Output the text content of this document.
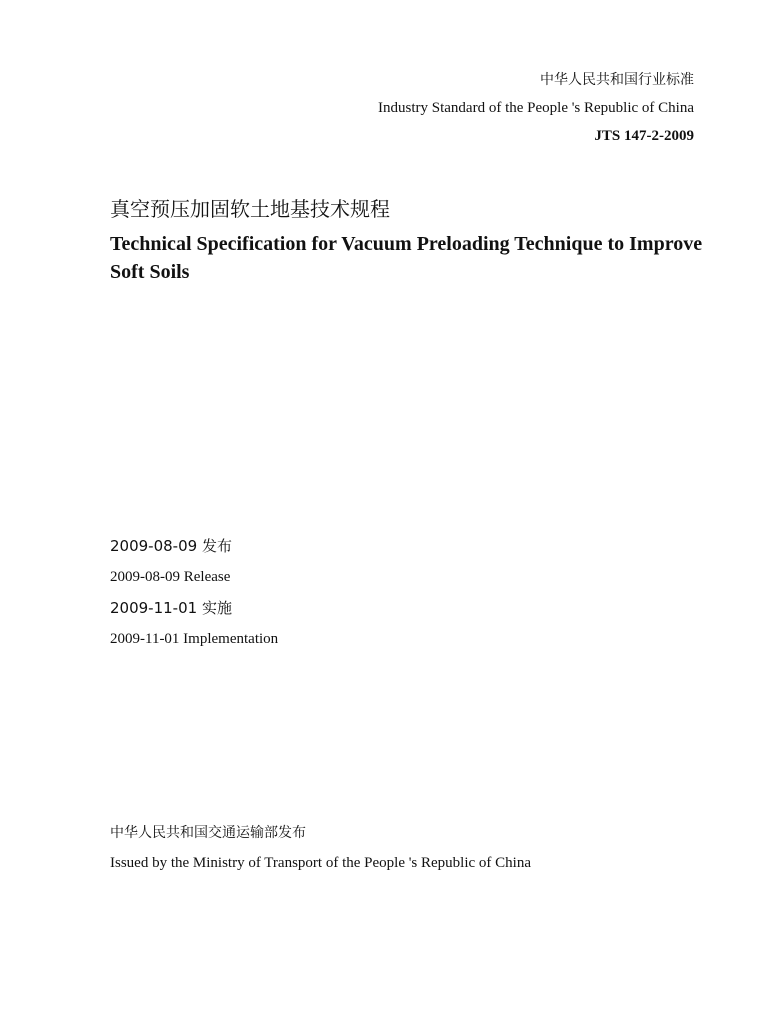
中华人民共和国行业标准
Industry Standard of the People 's Republic of China
JTS 147-2-2009
真空预压加固软土地基技术规程
Technical Specification for Vacuum Preloading Technique to Improve Soft Soils
2009-08-09 发布
2009-08-09 Release
2009-11-01 实施
2009-11-01 Implementation
中华人民共和国交通运输部发布
Issued by the Ministry of Transport of the People 's Republic of China
